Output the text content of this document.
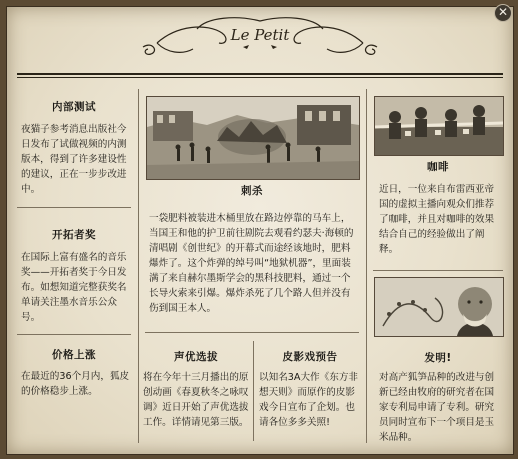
Le Petit
内部测试
夜猫子参考消息出版社今日发布了试做视频的内测版本，得到了许多建设性的建议，正在一步步改进中。
开拓者奖
在国际上富有盛名的音乐奖——开拓者奖于今日发布。如想知道完整获奖名单请关注墨水音乐公众号。
价格上涨
在最近的36个月内，狐皮的价格稳步上涨。
刺杀
一袋肥料被装进木桶里放在路边停靠的马车上，当国王和他的护卫前往剧院去观看约瑟夫·海顿的清唱剧《创世纪》的开幕式而途经该地时，肥料爆炸了。这个炸弹的绰号叫“地狱机器”，里面装满了来自赫尔墨斯学会的黑科技肥料，通过一个长导火索来引爆。爆炸杀死了几个路人但并没有伤到国王本人。
声优选拔
将在今年十三月播出的原创动画《春夏秋冬之咏叹调》近日开始了声优选拔工作。详情请见第三版。
皮影戏预告
以知名3A大作《东方非想天则》而原作的皮影戏今日宣布了企划。也请各位多多关照!
咖啡
近日，一位来自布雷西亚帝国的虚拟主播向观众们推荐了咖啡，并且对咖啡的效果结合自己的经验做出了阐释。
发明!
对高产狐笋品种的改进与创新已经由牧府的研究者在国家专利局申请了专利。研究员同时宣布下一个项目是玉米品种。
✕
